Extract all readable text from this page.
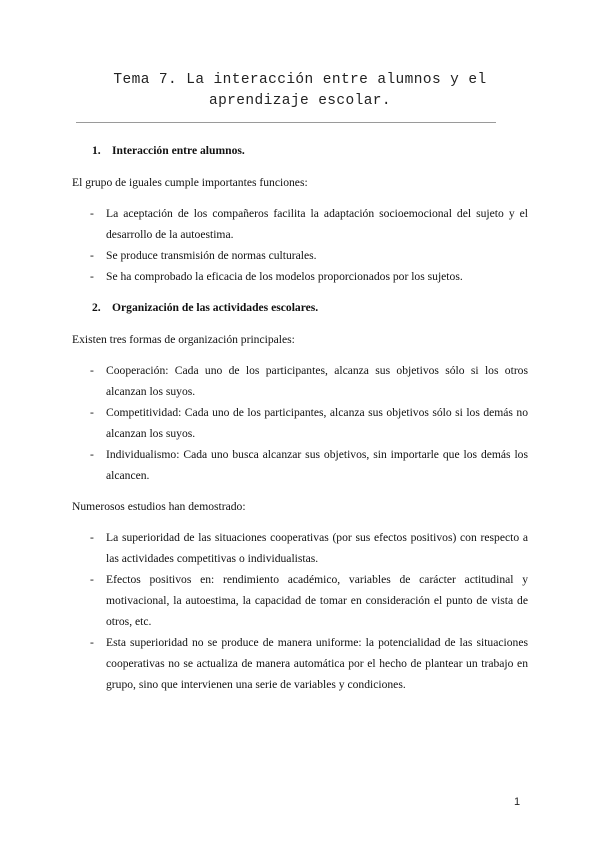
Tema 7. La interacción entre alumnos y el
aprendizaje escolar.
1. Interacción entre alumnos.

El grupo de iguales cumple importantes funciones:

-	La aceptación de los compañeros facilita la adaptación socioemocional del sujeto y el desarrollo de la autoestima.
-	Se produce transmisión de normas culturales.
-	Se ha comprobado la eficacia de los modelos proporcionados por los sujetos.
2. Organización de las actividades escolares.

Existen tres formas de organización principales:

-	Cooperación: Cada uno de los participantes, alcanza sus objetivos sólo si los otros alcanzan los suyos.
-	Competitividad: Cada uno de los participantes, alcanza sus objetivos sólo si los demás no alcanzan los suyos.
-	Individualismo: Cada uno busca alcanzar sus objetivos, sin importarle que los demás los alcancen.

Numerosos estudios han demostrado:

-	La superioridad de las situaciones cooperativas (por sus efectos positivos) con respecto a las actividades competitivas o individualistas.
-	Efectos positivos en: rendimiento académico, variables de carácter actitudinal y motivacional, la autoestima, la capacidad de tomar en consideración el punto de vista de otros, etc.
-	Esta superioridad no se produce de manera uniforme: la potencialidad de las situaciones cooperativas no se actualiza de manera automática por el hecho de plantear un trabajo en grupo, sino que intervienen una serie de variables y condiciones.
1
